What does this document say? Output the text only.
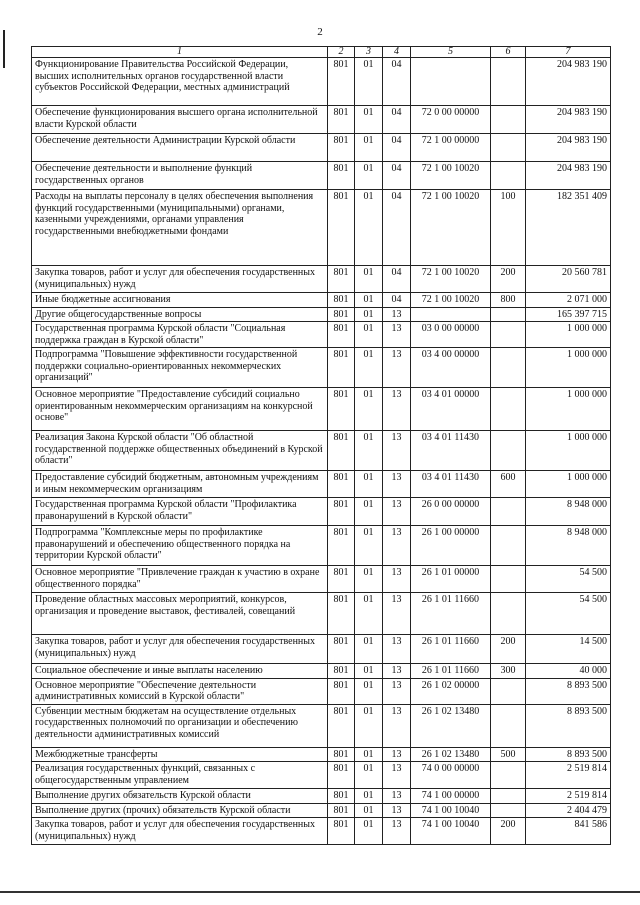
2
1	2	3	4	5	6	7
Функционирование Правительства Российской Федерации, высших исполнительных органов государственной власти субъектов Российской Федерации, местных администраций	801	01	04			204 983 190
Обеспечение функционирования высшего органа исполнительной власти Курской области	801	01	04	72 0 00 00000		204 983 190
Обеспечение деятельности Администрации Курской области	801	01	04	72 1 00 00000		204 983 190
Обеспечение деятельности и выполнение функций государственных органов	801	01	04	72 1 00 10020		204 983 190
Расходы на выплаты персоналу в целях обеспечения выполнения функций государственными (муниципальными) органами, казенными учреждениями, органами управления государственными внебюджетными фондами	801	01	04	72 1 00 10020	100	182 351 409
Закупка товаров, работ и услуг для обеспечения государственных (муниципальных) нужд	801	01	04	72 1 00 10020	200	20 560 781
Иные бюджетные ассигнования	801	01	04	72 1 00 10020	800	2 071 000
Другие общегосударственные вопросы	801	01	13			165 397 715
Государственная программа Курской области "Социальная поддержка граждан в Курской области"	801	01	13	03 0 00 00000		1 000 000
Подпрограмма "Повышение эффективности государственной поддержки социально-ориентированных некоммерческих организаций"	801	01	13	03 4 00 00000		1 000 000
Основное мероприятие "Предоставление субсидий социально ориентированным некоммерческим организациям на конкурсной основе"	801	01	13	03 4 01 00000		1 000 000
Реализация Закона Курской области "Об областной государственной поддержке общественных объединений в Курской области"	801	01	13	03 4 01 11430		1 000 000
Предоставление субсидий бюджетным, автономным учреждениям и иным некоммерческим организациям	801	01	13	03 4 01 11430	600	1 000 000
Государственная программа Курской области "Профилактика правонарушений в Курской области"	801	01	13	26 0 00 00000		8 948 000
Подпрограмма "Комплексные меры по профилактике правонарушений и обеспечению общественного порядка на территории Курской области"	801	01	13	26 1 00 00000		8 948 000
Основное мероприятие "Привлечение граждан к участию в охране общественного порядка"	801	01	13	26 1 01 00000		54 500
Проведение областных массовых мероприятий, конкурсов, организация и проведение выставок, фестивалей, совещаний	801	01	13	26 1 01 11660		54 500
Закупка товаров, работ и услуг для обеспечения государственных (муниципальных) нужд	801	01	13	26 1 01 11660	200	14 500
Социальное обеспечение и иные выплаты населению	801	01	13	26 1 01 11660	300	40 000
Основное мероприятие "Обеспечение деятельности административных комиссий в Курской области"	801	01	13	26 1 02 00000		8 893 500
Субвенции местным бюджетам на осуществление отдельных государственных полномочий по организации и обеспечению деятельности административных комиссий	801	01	13	26 1 02 13480		8 893 500
Межбюджетные трансферты	801	01	13	26 1 02 13480	500	8 893 500
Реализация государственных функций, связанных с общегосударственным управлением	801	01	13	74 0 00 00000		2 519 814
Выполнение других обязательств Курской области	801	01	13	74 1 00 00000		2 519 814
Выполнение других (прочих) обязательств Курской области	801	01	13	74 1 00 10040		2 404 479
Закупка товаров, работ и услуг для обеспечения государственных (муниципальных) нужд	801	01	13	74 1 00 10040	200	841 586
